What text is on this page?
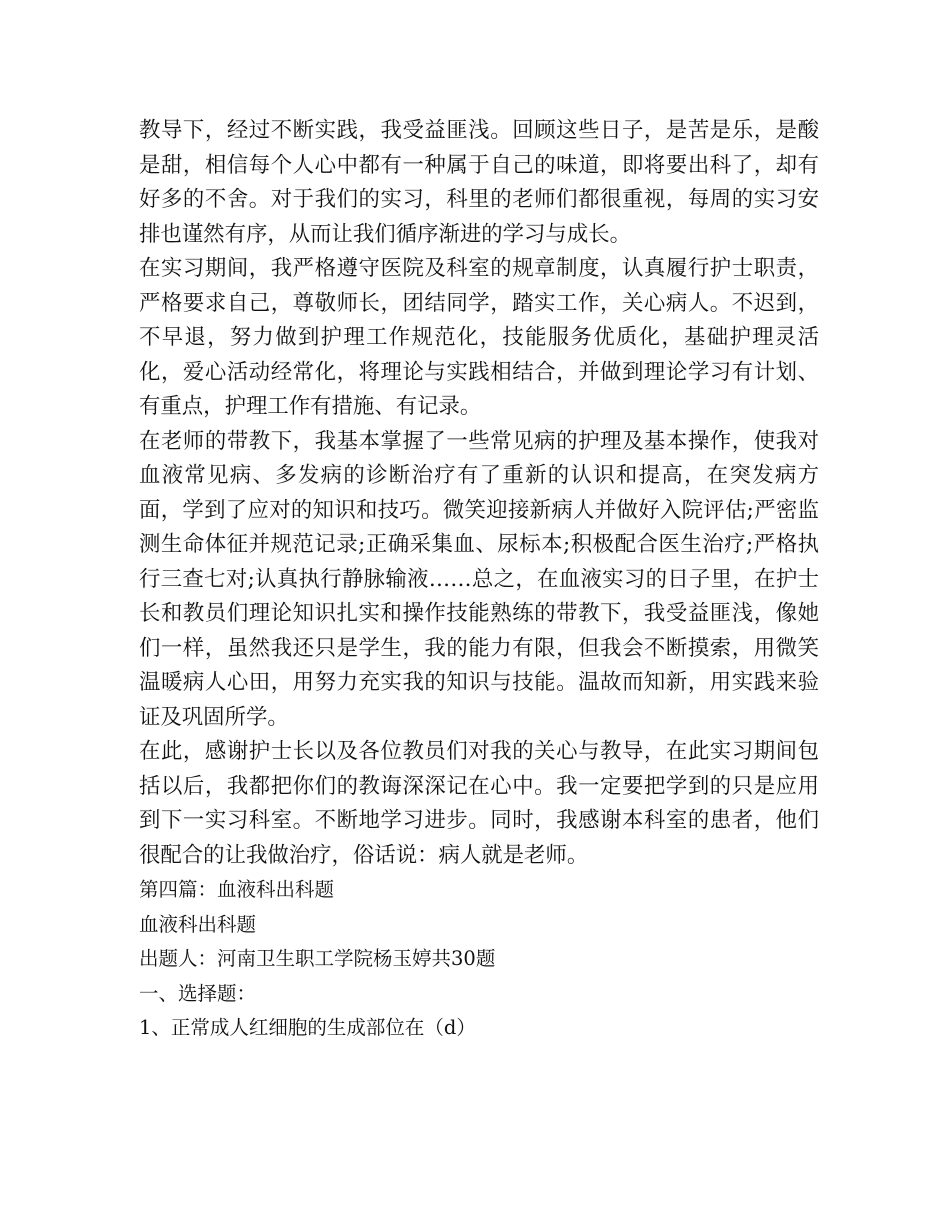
教导下，经过不断实践，我受益匪浅。回顾这些日子，是苦是乐，是酸是甜，相信每个人心中都有一种属于自己的味道，即将要出科了，却有好多的不舍。对于我们的实习，科里的老师们都很重视，每周的实习安排也谨然有序，从而让我们循序渐进的学习与成长。

在实习期间，我严格遵守医院及科室的规章制度，认真履行护士职责，严格要求自己，尊敬师长，团结同学，踏实工作，关心病人。不迟到，不早退，努力做到护理工作规范化，技能服务优质化，基础护理灵活化，爱心活动经常化，将理论与实践相结合，并做到理论学习有计划、有重点，护理工作有措施、有记录。

在老师的带教下，我基本掌握了一些常见病的护理及基本操作，使我对血液常见病、多发病的诊断治疗有了重新的认识和提高，在突发病方面，学到了应对的知识和技巧。微笑迎接新病人并做好入院评估;严密监测生命体征并规范记录;正确采集血、尿标本;积极配合医生治疗;严格执行三查七对;认真执行静脉输液……总之，在血液实习的日子里，在护士长和教员们理论知识扎实和操作技能熟练的带教下，我受益匪浅，像她们一样，虽然我还只是学生，我的能力有限，但我会不断摸索，用微笑温暖病人心田，用努力充实我的知识与技能。温故而知新，用实践来验证及巩固所学。

在此，感谢护士长以及各位教员们对我的关心与教导，在此实习期间包括以后，我都把你们的教诲深深记在心中。我一定要把学到的只是应用到下一实习科室。不断地学习进步。同时，我感谢本科室的患者，他们很配合的让我做治疗，俗话说：病人就是老师。

第四篇：血液科出科题

血液科出科题

出题人：河南卫生职工学院杨玉婷共30题

一、选择题：

1、正常成人红细胞的生成部位在（d）
